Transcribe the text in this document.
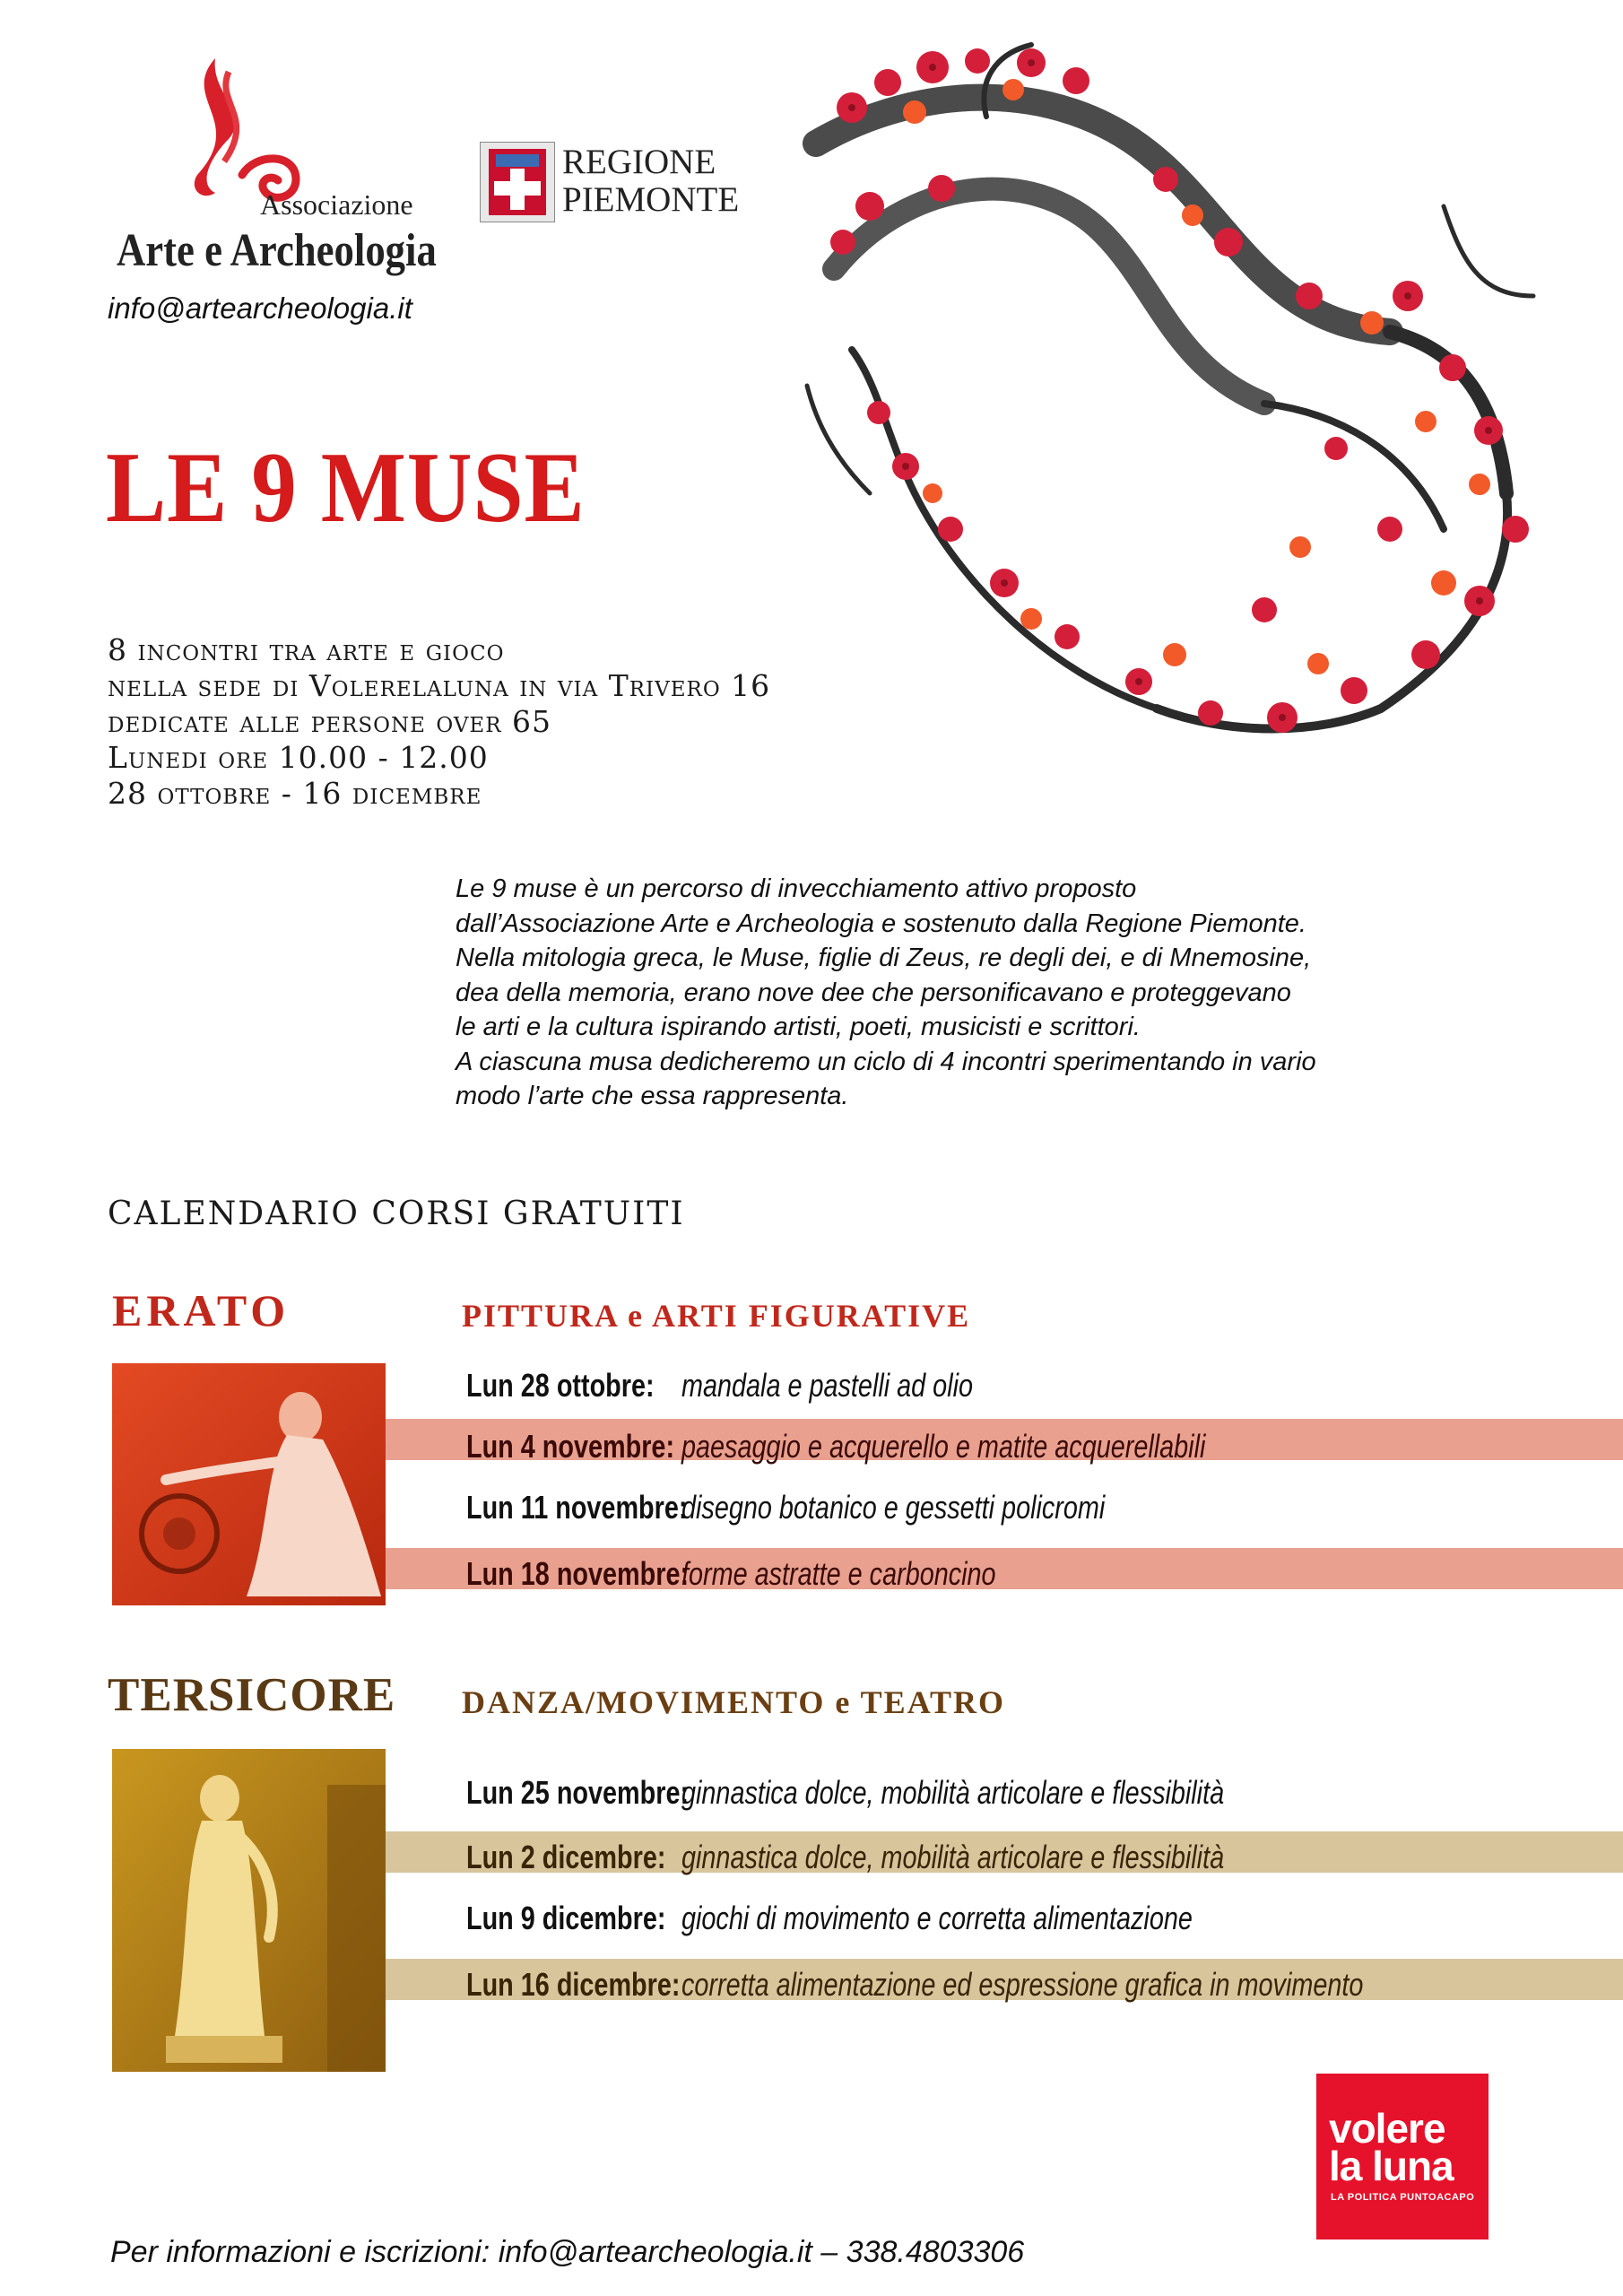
Associazione
Arte e Archeologia
info@artearcheologia.it
REGIONE
PIEMONTE
LE 9 MUSE
8 incontri tra arte e gioco
nella sede di Volerelaluna in via Trivero 16
dedicate alle persone over 65
Lunedi ore 10.00 - 12.00
28 ottobre - 16 dicembre
Le 9 muse è un percorso di invecchiamento attivo proposto
dall’Associazione Arte e Archeologia e sostenuto dalla Regione Piemonte.
Nella mitologia greca, le Muse, figlie di Zeus, re degli dei, e di Mnemosine,
dea della memoria, erano nove dee che personificavano e proteggevano
le arti e la cultura ispirando artisti, poeti, musicisti e scrittori.
A ciascuna musa dedicheremo un ciclo di 4 incontri sperimentando in vario
modo l’arte che essa rappresenta.
CALENDARIO CORSI GRATUITI
ERATO	PITTURA e ARTI FIGURATIVE
Lun 28 ottobre: mandala e pastelli ad olio
Lun 4 novembre: paesaggio e acquerello e matite acquerellabili
Lun 11 novembre:disegno botanico e gessetti policromi
Lun 18 novembre:forme astratte e carboncino
TERSICORE DANZA/MOVIMENTO e TEATRO
Lun 25 novembre:ginnastica dolce, mobilità articolare e flessibilità
Lun 2 dicembre: ginnastica dolce, mobilità articolare e flessibilità
Lun 9 dicembre: giochi di movimento e corretta alimentazione
Lun 16 dicembre:corretta alimentazione ed espressione grafica in movimento
volere
la luna
LA POLITICA PUNTOACAPO
Per informazioni e iscrizioni: info@artearcheologia.it – 338.4803306
